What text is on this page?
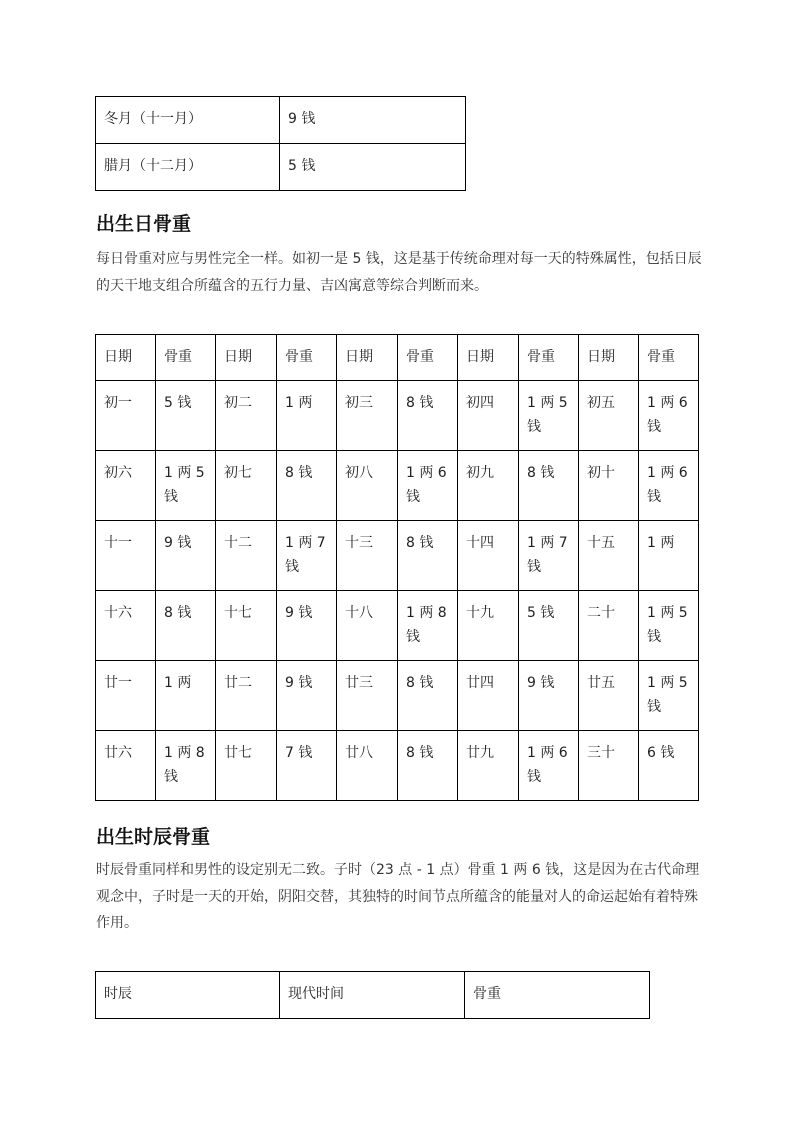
冬月（十一月）	9 钱
腊月（十二月）	5 钱
出生日骨重

每日骨重对应与男性完全一样。如初一是 5 钱，这是基于传统命理对每一天的特殊属性，包括日辰的天干地支组合所蕴含的五行力量、吉凶寓意等综合判断而来。

日期	骨重	日期	骨重	日期	骨重	日期	骨重	日期	骨重
初一	5 钱	初二	1 两	初三	8 钱	初四	1 两 5 钱	初五	1 两 6 钱
初六	1 两 5 钱	初七	8 钱	初八	1 两 6 钱	初九	8 钱	初十	1 两 6 钱
十一	9 钱	十二	1 两 7 钱	十三	8 钱	十四	1 两 7 钱	十五	1 两
十六	8 钱	十七	9 钱	十八	1 两 8 钱	十九	5 钱	二十	1 两 5 钱
廿一	1 两	廿二	9 钱	廿三	8 钱	廿四	9 钱	廿五	1 两 5 钱
廿六	1 两 8 钱	廿七	7 钱	廿八	8 钱	廿九	1 两 6 钱	三十	6 钱
出生时辰骨重

时辰骨重同样和男性的设定别无二致。子时（23 点 - 1 点）骨重 1 两 6 钱，这是因为在古代命理观念中，子时是一天的开始，阴阳交替，其独特的时间节点所蕴含的能量对人的命运起始有着特殊作用。

时辰	现代时间	骨重
